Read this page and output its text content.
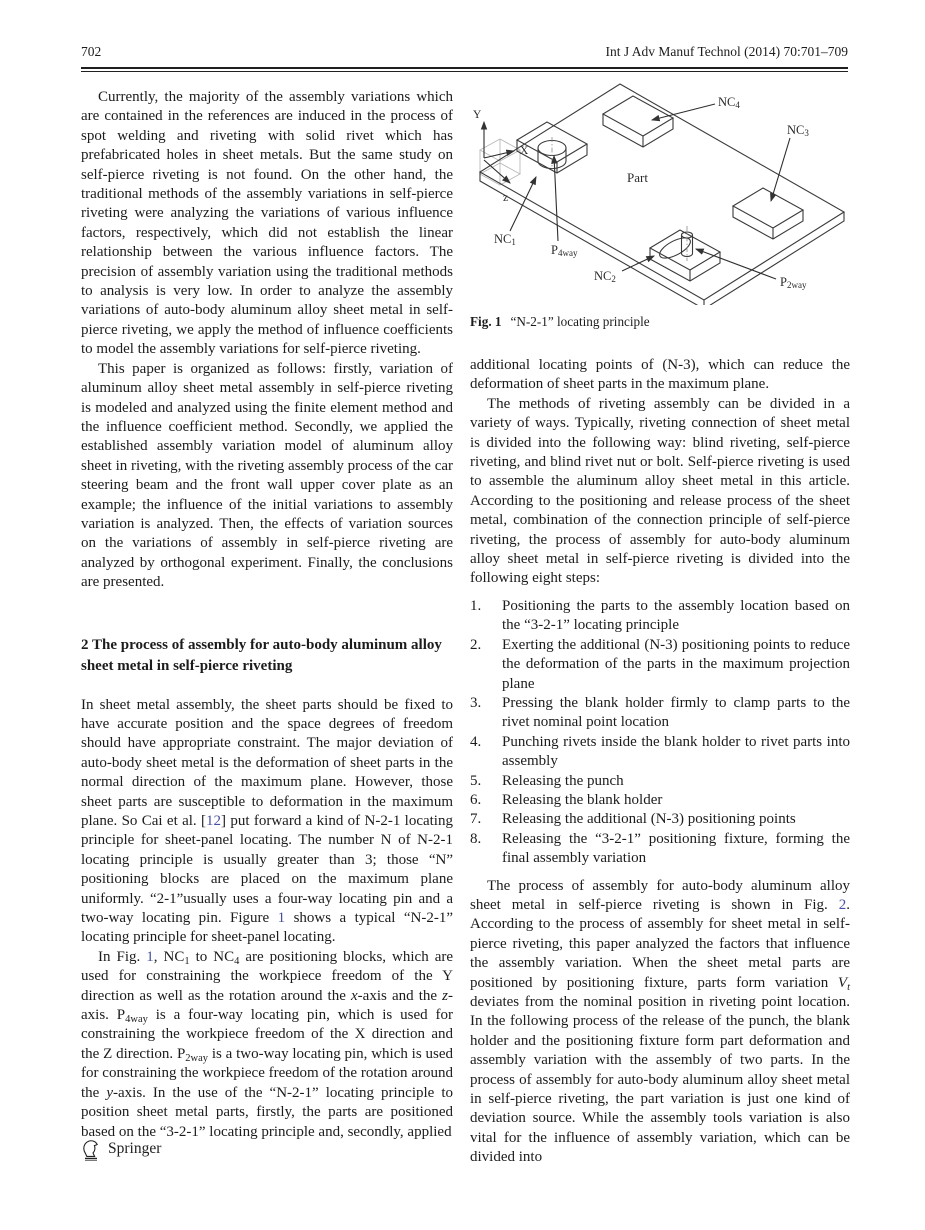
702	Int J Adv Manuf Technol (2014) 70:701–709

Currently, the majority of the assembly variations which are contained in the references are induced in the process of spot welding and riveting with solid rivet which has prefabricated holes in sheet metals. But the same study on self-pierce riveting is not found. On the other hand, the traditional methods of the assembly variations in self-pierce riveting were analyzing the variations of various influence factors, respectively, which did not establish the linear relationship between the various influence factors. The precision of assembly variation using the traditional methods to analysis is very low. In order to analyze the assembly variations of auto-body aluminum alloy sheet metal in self-pierce riveting, we apply the method of influence coefficients to model the assembly variations for self-pierce riveting.

This paper is organized as follows: firstly, variation of aluminum alloy sheet metal assembly in self-pierce riveting is modeled and analyzed using the finite element method and the influence coefficient method. Secondly, we applied the established assembly variation model of aluminum alloy sheet in riveting, with the riveting assembly process of the car steering beam and the front wall upper cover plate as an example; the influence of the initial variations to assembly variation is analyzed. Then, the effects of variation sources on the variations of assembly in self-pierce riveting are analyzed by orthogonal experiment. Finally, the conclusions are presented.

2 The process of assembly for auto-body aluminum alloy sheet metal in self-pierce riveting

In sheet metal assembly, the sheet parts should be fixed to have accurate position and the space degrees of freedom should have appropriate constraint. The major deviation of auto-body sheet metal is the deformation of sheet parts in the normal direction of the maximum plane. However, those sheet parts are susceptible to deformation in the maximum plane. So Cai et al. [12] put forward a kind of N-2-1 locating principle for sheet-panel locating. The number N of N-2-1 locating principle is usually greater than 3; those “N” positioning blocks are placed on the maximum plane uniformly. “2-1”usually uses a four-way locating pin and a two-way locating pin. Figure 1 shows a typical “N-2-1” locating principle for sheet-panel locating.

In Fig. 1, $NC_1$ to $NC_4$ are positioning blocks, which are used for constraining the workpiece freedom of the Y direction as well as the rotation around the x-axis and the z-axis. $P_{4way}$ is a four-way locating pin, which is used for constraining the workpiece freedom of the X direction and the Z direction. $P_{2way}$ is a two-way locating pin, which is used for constraining the workpiece freedom of the rotation around the y-axis. In the use of the “N-2-1” locating principle to position sheet metal parts, firstly, the parts are positioned based on the “3-2-1” locating principle and, secondly, applied

Y
X
z
Part
NC4
NC3
NC1
NC2
P4way
P2way
Fig. 1 “N-2-1” locating principle

additional locating points of (N-3), which can reduce the deformation of sheet parts in the maximum plane.

The methods of riveting assembly can be divided in a variety of ways. Typically, riveting connection of sheet metal is divided into the following way: blind riveting, self-pierce riveting, and blind rivet nut or bolt. Self-pierce riveting is used to assemble the aluminum alloy sheet metal in this article. According to the positioning and release process of the sheet metal, combination of the connection principle of self-pierce riveting, the process of assembly for auto-body aluminum alloy sheet metal in self-pierce riveting is divided into the following eight steps:

1.	Positioning the parts to the assembly location based on the “3-2-1” locating principle
2.	Exerting the additional (N-3) positioning points to reduce the deformation of the parts in the maximum projection plane
3.	Pressing the blank holder firmly to clamp parts to the rivet nominal point location
4.	Punching rivets inside the blank holder to rivet parts into assembly
5.	Releasing the punch
6.	Releasing the blank holder
7.	Releasing the additional (N-3) positioning points
8.	Releasing the “3-2-1” positioning fixture, forming the final assembly variation

The process of assembly for auto-body aluminum alloy sheet metal in self-pierce riveting is shown in Fig. 2. According to the process of assembly for sheet metal in self-pierce riveting, this paper analyzed the factors that influence the assembly variation. When the sheet metal parts are positioned by positioning fixture, parts form variation $V_t$ deviates from the nominal position in riveting point location. In the following process of the release of the punch, the blank holder and the positioning fixture form part deformation and assembly variation with the assembly of two parts. In the process of assembly for auto-body aluminum alloy sheet metal in self-pierce riveting, the part variation is just one kind of deviation source. While the assembly tools variation is also vital for the influence of assembly variation, which can be divided into

Springer
